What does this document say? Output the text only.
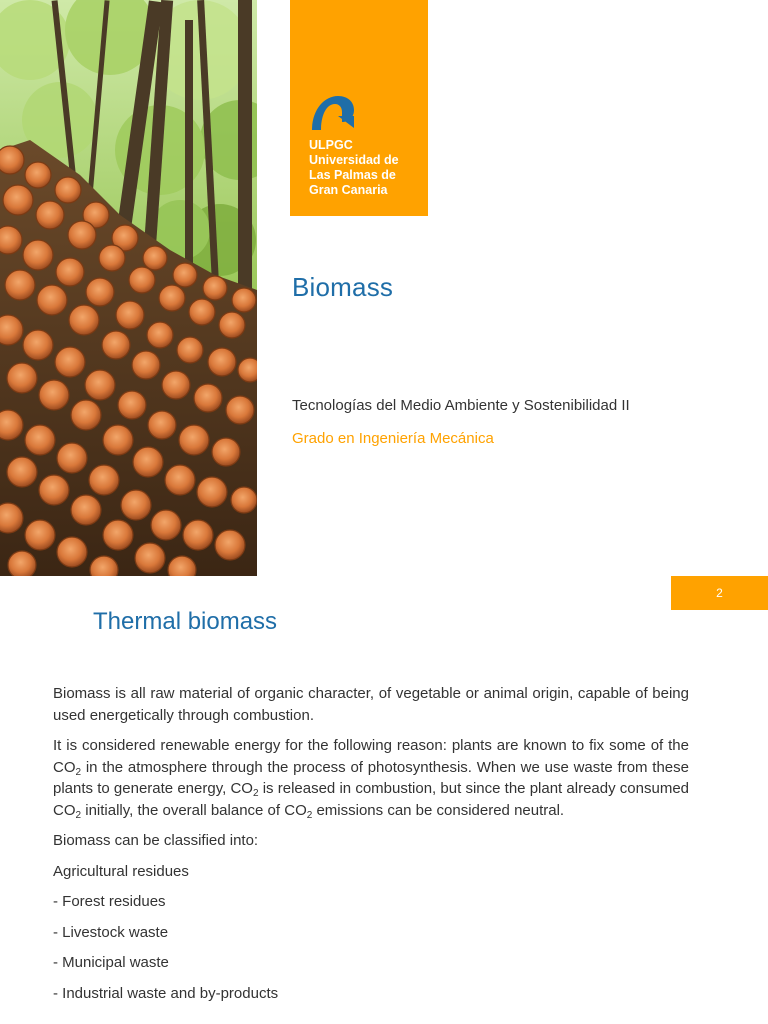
ULPGC
Universidad de
Las Palmas de
Gran Canaria

Biomass

Tecnologías del Medio Ambiente y Sostenibilidad II

Grado en Ingeniería Mecánica

2
Thermal biomass

Biomass is all raw material of organic character, of vegetable or animal origin, capable of being used energetically through combustion.

It is considered renewable energy for the following reason: plants are known to fix some of the $CO_2$ in the atmosphere through the process of photosynthesis. When we use waste from these plants to generate energy, $CO_2$ is released in combustion, but since the plant already consumed $CO_2$ initially, the overall balance of $CO_2$ emissions can be considered neutral.

Biomass can be classified into:

Agricultural residues

- Forest residues

- Livestock waste

- Municipal waste

- Industrial waste and by-products
